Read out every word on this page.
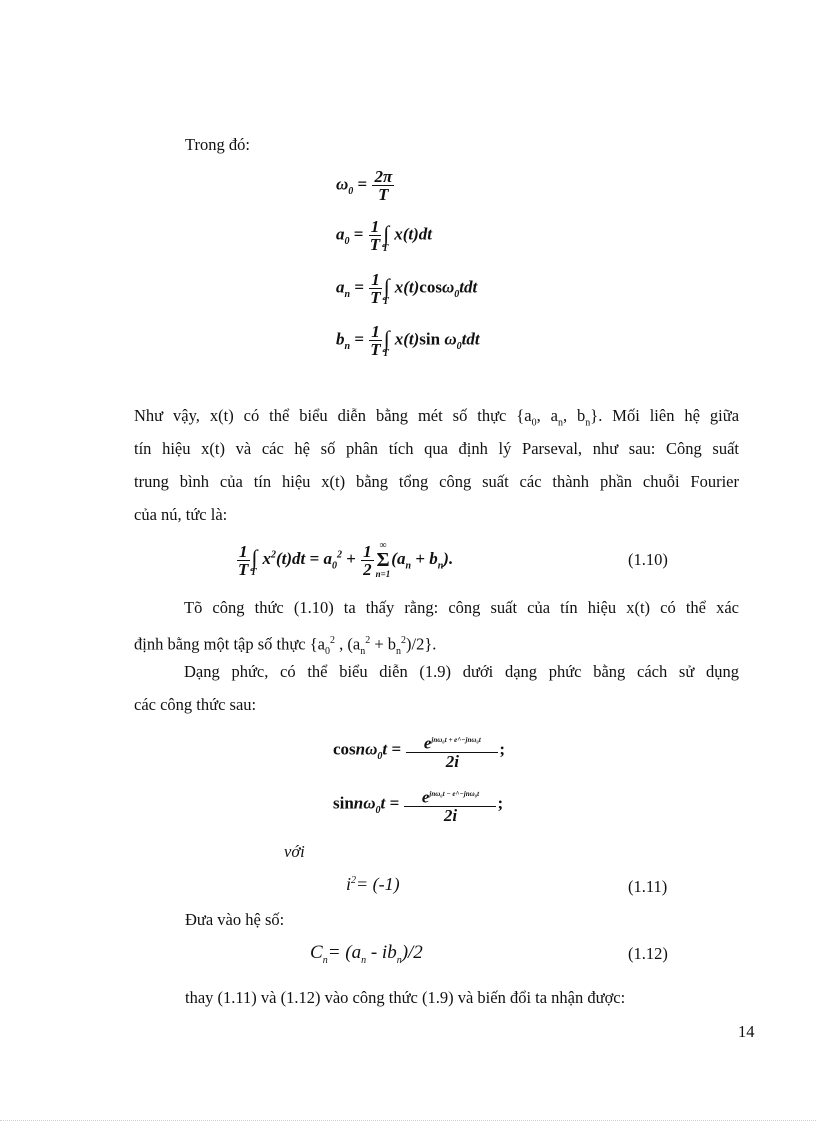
Trong đó:
$\omega_0 = \frac{2\pi}{T}$
$a_0 = \frac{1}{T}$ ∫
T
x(t)dt
$a_n = \frac{1}{T}$ ∫
T
x(t)cosω$_0$tdt
$b_n = \frac{1}{T}$ ∫
T
x(t)sin $\omega_0tdt$
Như vậy, x(t) có thể biểu diễn bằng mét số thực {$a_0$, $a_n$, $b_n$}. Mối liên hệ giữa
tín hiệu x(t) và các hệ số phân tích qua định lý Parseval, như sau: Công suất
trung bình của tín hiệu x(t) bằng tổng công suất các thành phần chuỗi Fourier
của nú, tức là:
$\frac{1}{T}$ ∫
T
$x^2(t)dt = a_0^2 + \frac{1}{2}$ ∞
Σ
n=1
$(a_n + b_n)$.	(1.10)
Tõ công thức (1.10) ta thấy rằng: công suất của tín hiệu x(t) có thể xác
định bằng một tập số thực {$a_0^2$ , $(a_n^2 + b_n^2)/2$}.
Dạng phức, có thể biểu diễn (1.9) dưới dạng phức bằng cách sử dụng
các công thức sau:
$\cos n\omega_0t = \frac{e^{jn\omega_0t + e\^{}-jn\omega_0t}}{2i}$ ;
$\sin n\omega_0t = \frac{e^{jn\omega_0t - e\^{}-jn\omega_0t}}{2i}$ ;
với
$i^2= (-1)$	(1.11)
Đưa vào hệ số:
$C_n= (a_n - ib_n)/2$	(1.12)
thay (1.11) và (1.12) vào công thức (1.9) và biến đổi ta nhận được:
14
